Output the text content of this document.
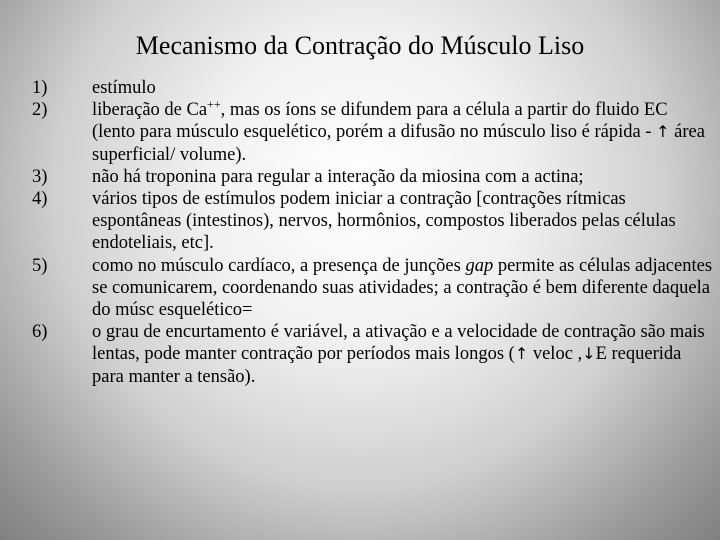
Mecanismo da Contração do Músculo Liso
1)	estímulo
2)	liberação de Ca++, mas os íons se difundem para a célula a partir do fluido EC (lento para músculo esquelético, porém a difusão no músculo liso é rápida - ↑ área superficial/ volume).
3)	não há troponina para regular a interação da miosina com a actina;
4)	vários tipos de estímulos podem iniciar a contração [contrações rítmicas espontâneas (intestinos), nervos, hormônios, compostos liberados pelas células endoteliais, etc].
5)	como no músculo cardíaco, a presença de junções gap permite as células adjacentes se comunicarem, coordenando suas atividades; a contração é bem diferente daquela do músc esquelético=
6)	o grau de encurtamento é variável, a ativação e a velocidade de contração são mais lentas, pode manter contração por períodos mais longos (↑ veloc ,↓E requerida para manter a tensão).
